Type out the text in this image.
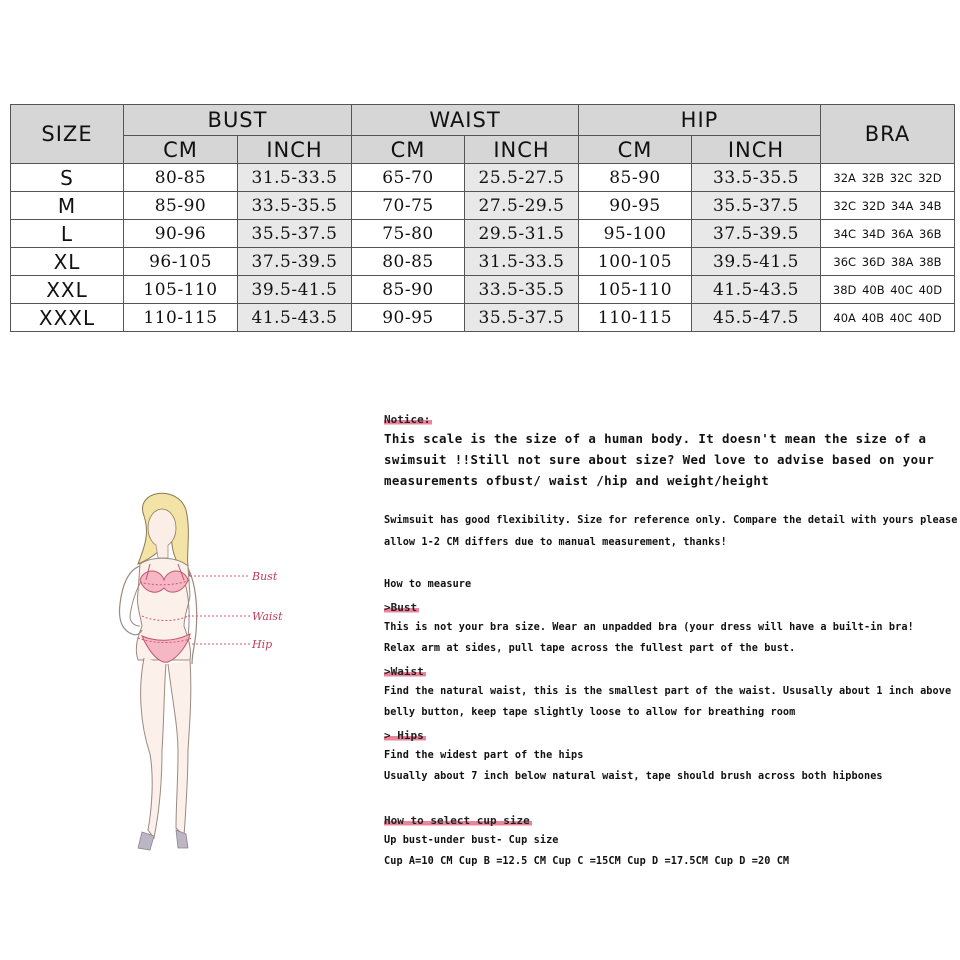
SIZE	BUST		WAIST		HIP		BRA
	CM	INCH	CM	INCH	CM	INCH	
S	80-85	31.5-33.5	65-70	25.5-27.5	85-90	33.5-35.5	32A 32B 32C 32D
M	85-90	33.5-35.5	70-75	27.5-29.5	90-95	35.5-37.5	32C 32D 34A 34B
L	90-96	35.5-37.5	75-80	29.5-31.5	95-100	37.5-39.5	34C 34D 36A 36B
XL	96-105	37.5-39.5	80-85	31.5-33.5	100-105	39.5-41.5	36C 36D 38A 38B
XXL	105-110	39.5-41.5	85-90	33.5-35.5	105-110	41.5-43.5	38D 40B 40C 40D
XXXL	110-115	41.5-43.5	90-95	35.5-37.5	110-115	45.5-47.5	40A 40B 40C 40D
Bust
Waist
Hip
Notice:

This scale is the size of a human body. It doesn't mean the size of a

swimsuit !!Still not sure about size? Wed love to advise based on your

measurements ofbust/ waist /hip and weight/height

Swimsuit has good flexibility. Size for reference only. Compare the detail with yours please

allow 1-2 CM differs due to manual measurement, thanks!

How to measure

>Bust

This is not your bra size. Wear an unpadded bra (your dress will have a built-in bra!

Relax arm at sides, pull tape across the fullest part of the bust.

>Waist

Find the natural waist, this is the smallest part of the waist. Ususally about 1 inch above

belly button, keep tape slightly loose to allow for breathing room

> Hips

Find the widest part of the hips

Usually about 7 inch below natural waist, tape should brush across both hipbones

How to select cup size

Up bust-under bust- Cup size

Cup A=10 CM Cup B =12.5 CM Cup C =15CM Cup D =17.5CM Cup D =20 CM
